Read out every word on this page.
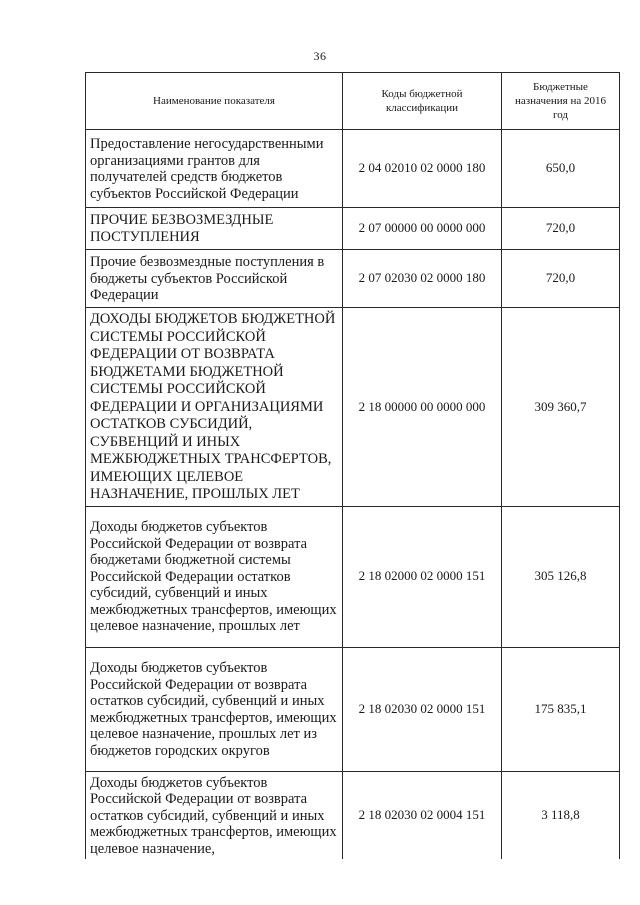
36
Наименование показателя	Коды бюджетной классификации	Бюджетные назначения на 2016 год

Предоставление негосударственными организациями грантов для получателей средств бюджетов субъектов Российской Федерации	2 04 02010 02 0000 180	650,0
ПРОЧИЕ БЕЗВОЗМЕЗДНЫЕ ПОСТУПЛЕНИЯ	2 07 00000 00 0000 000	720,0
Прочие безвозмездные поступления в бюджеты субъектов Российской Федерации	2 07 02030 02 0000 180	720,0
ДОХОДЫ БЮДЖЕТОВ БЮДЖЕТНОЙ СИСТЕМЫ РОССИЙСКОЙ ФЕДЕРАЦИИ ОТ ВОЗВРАТА БЮДЖЕТАМИ БЮДЖЕТНОЙ СИСТЕМЫ РОССИЙСКОЙ ФЕДЕРАЦИИ И ОРГАНИЗАЦИЯМИ ОСТАТКОВ СУБСИДИЙ, СУБВЕНЦИЙ И ИНЫХ МЕЖБЮДЖЕТНЫХ ТРАНСФЕРТОВ, ИМЕЮЩИХ ЦЕЛЕВОЕ НАЗНАЧЕНИЕ, ПРОШЛЫХ ЛЕТ	2 18 00000 00 0000 000	309 360,7
Доходы бюджетов субъектов Российской Федерации от возврата бюджетами бюджетной системы Российской Федерации остатков субсидий, субвенций и иных межбюджетных трансфертов, имеющих целевое назначение, прошлых лет	2 18 02000 02 0000 151	305 126,8
Доходы бюджетов субъектов Российской Федерации от возврата остатков субсидий, субвенций и иных межбюджетных трансфертов, имеющих целевое назначение, прошлых лет из бюджетов городских округов	2 18 02030 02 0000 151	175 835,1
Доходы бюджетов субъектов Российской Федерации от возврата остатков субсидий, субвенций и иных межбюджетных трансфертов, имеющих целевое назначение,	2 18 02030 02 0004 151	3 118,8
